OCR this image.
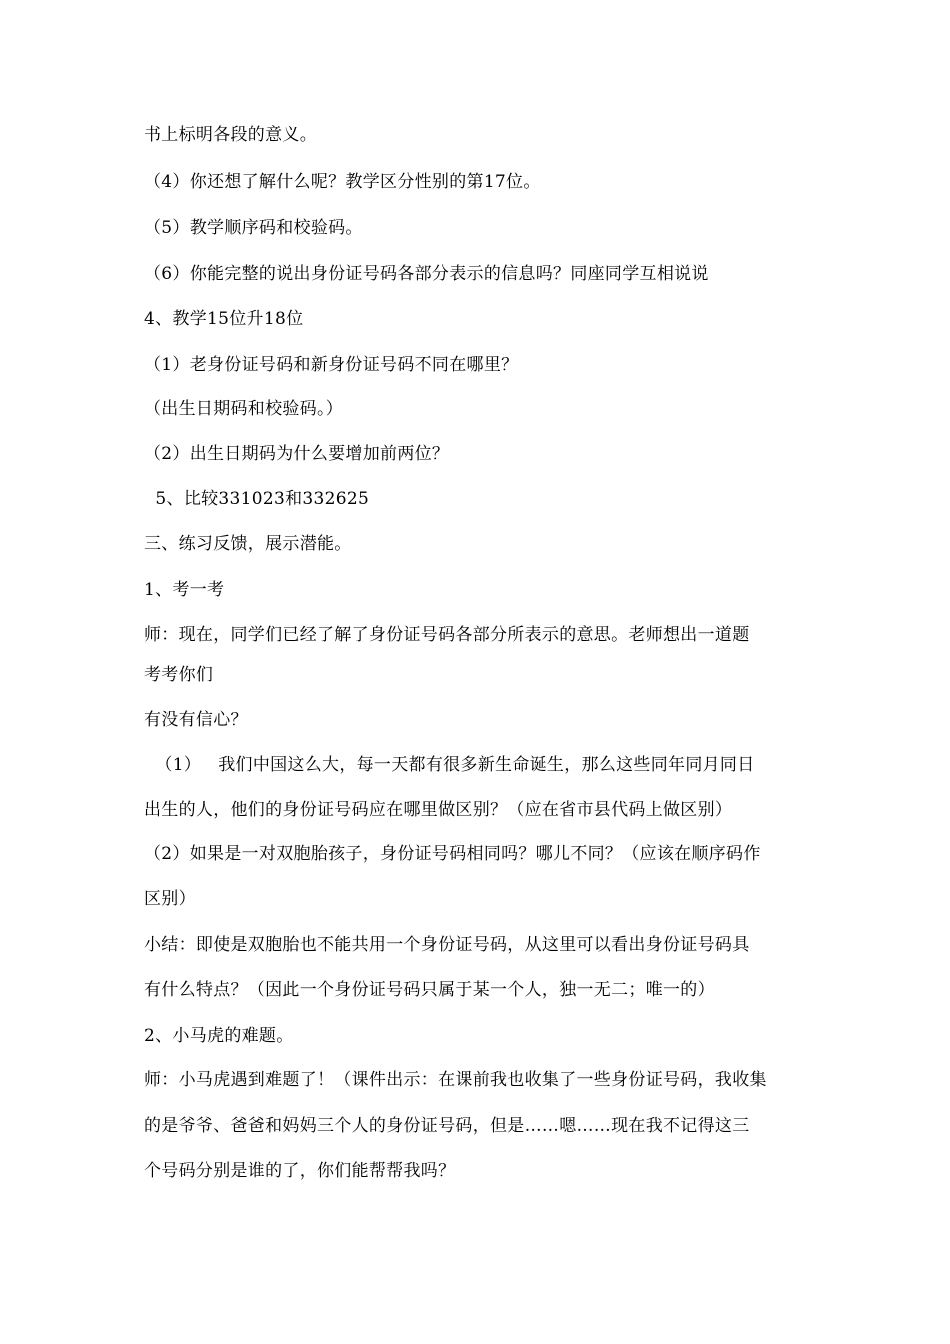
书上标明各段的意义。
（4）你还想了解什么呢？教学区分性别的第17位。
（5）教学顺序码和校验码。
（6）你能完整的说出身份证号码各部分表示的信息吗？同座同学互相说说
4、教学15位升18位
（1）老身份证号码和新身份证号码不同在哪里？
（出生日期码和校验码。）
（2）出生日期码为什么要增加前两位？
5、比较331023和332625
三、练习反馈，展示潜能。
1、考一考
师：现在，同学们已经了解了身份证号码各部分所表示的意思。老师想出一道题
考考你们
有没有信心？
（1）   我们中国这么大，每一天都有很多新生命诞生，那么这些同年同月同日
出生的人，他们的身份证号码应在哪里做区别？（应在省市县代码上做区别）
（2）如果是一对双胞胎孩子，身份证号码相同吗？哪儿不同？（应该在顺序码作
区别）
小结：即使是双胞胎也不能共用一个身份证号码，从这里可以看出身份证号码具
有什么特点？（因此一个身份证号码只属于某一个人，独一无二；唯一的）
2、小马虎的难题。
师：小马虎遇到难题了！（课件出示：在课前我也收集了一些身份证号码，我收集
的是爷爷、爸爸和妈妈三个人的身份证号码，但是……嗯……现在我不记得这三
个号码分别是谁的了，你们能帮帮我吗？
